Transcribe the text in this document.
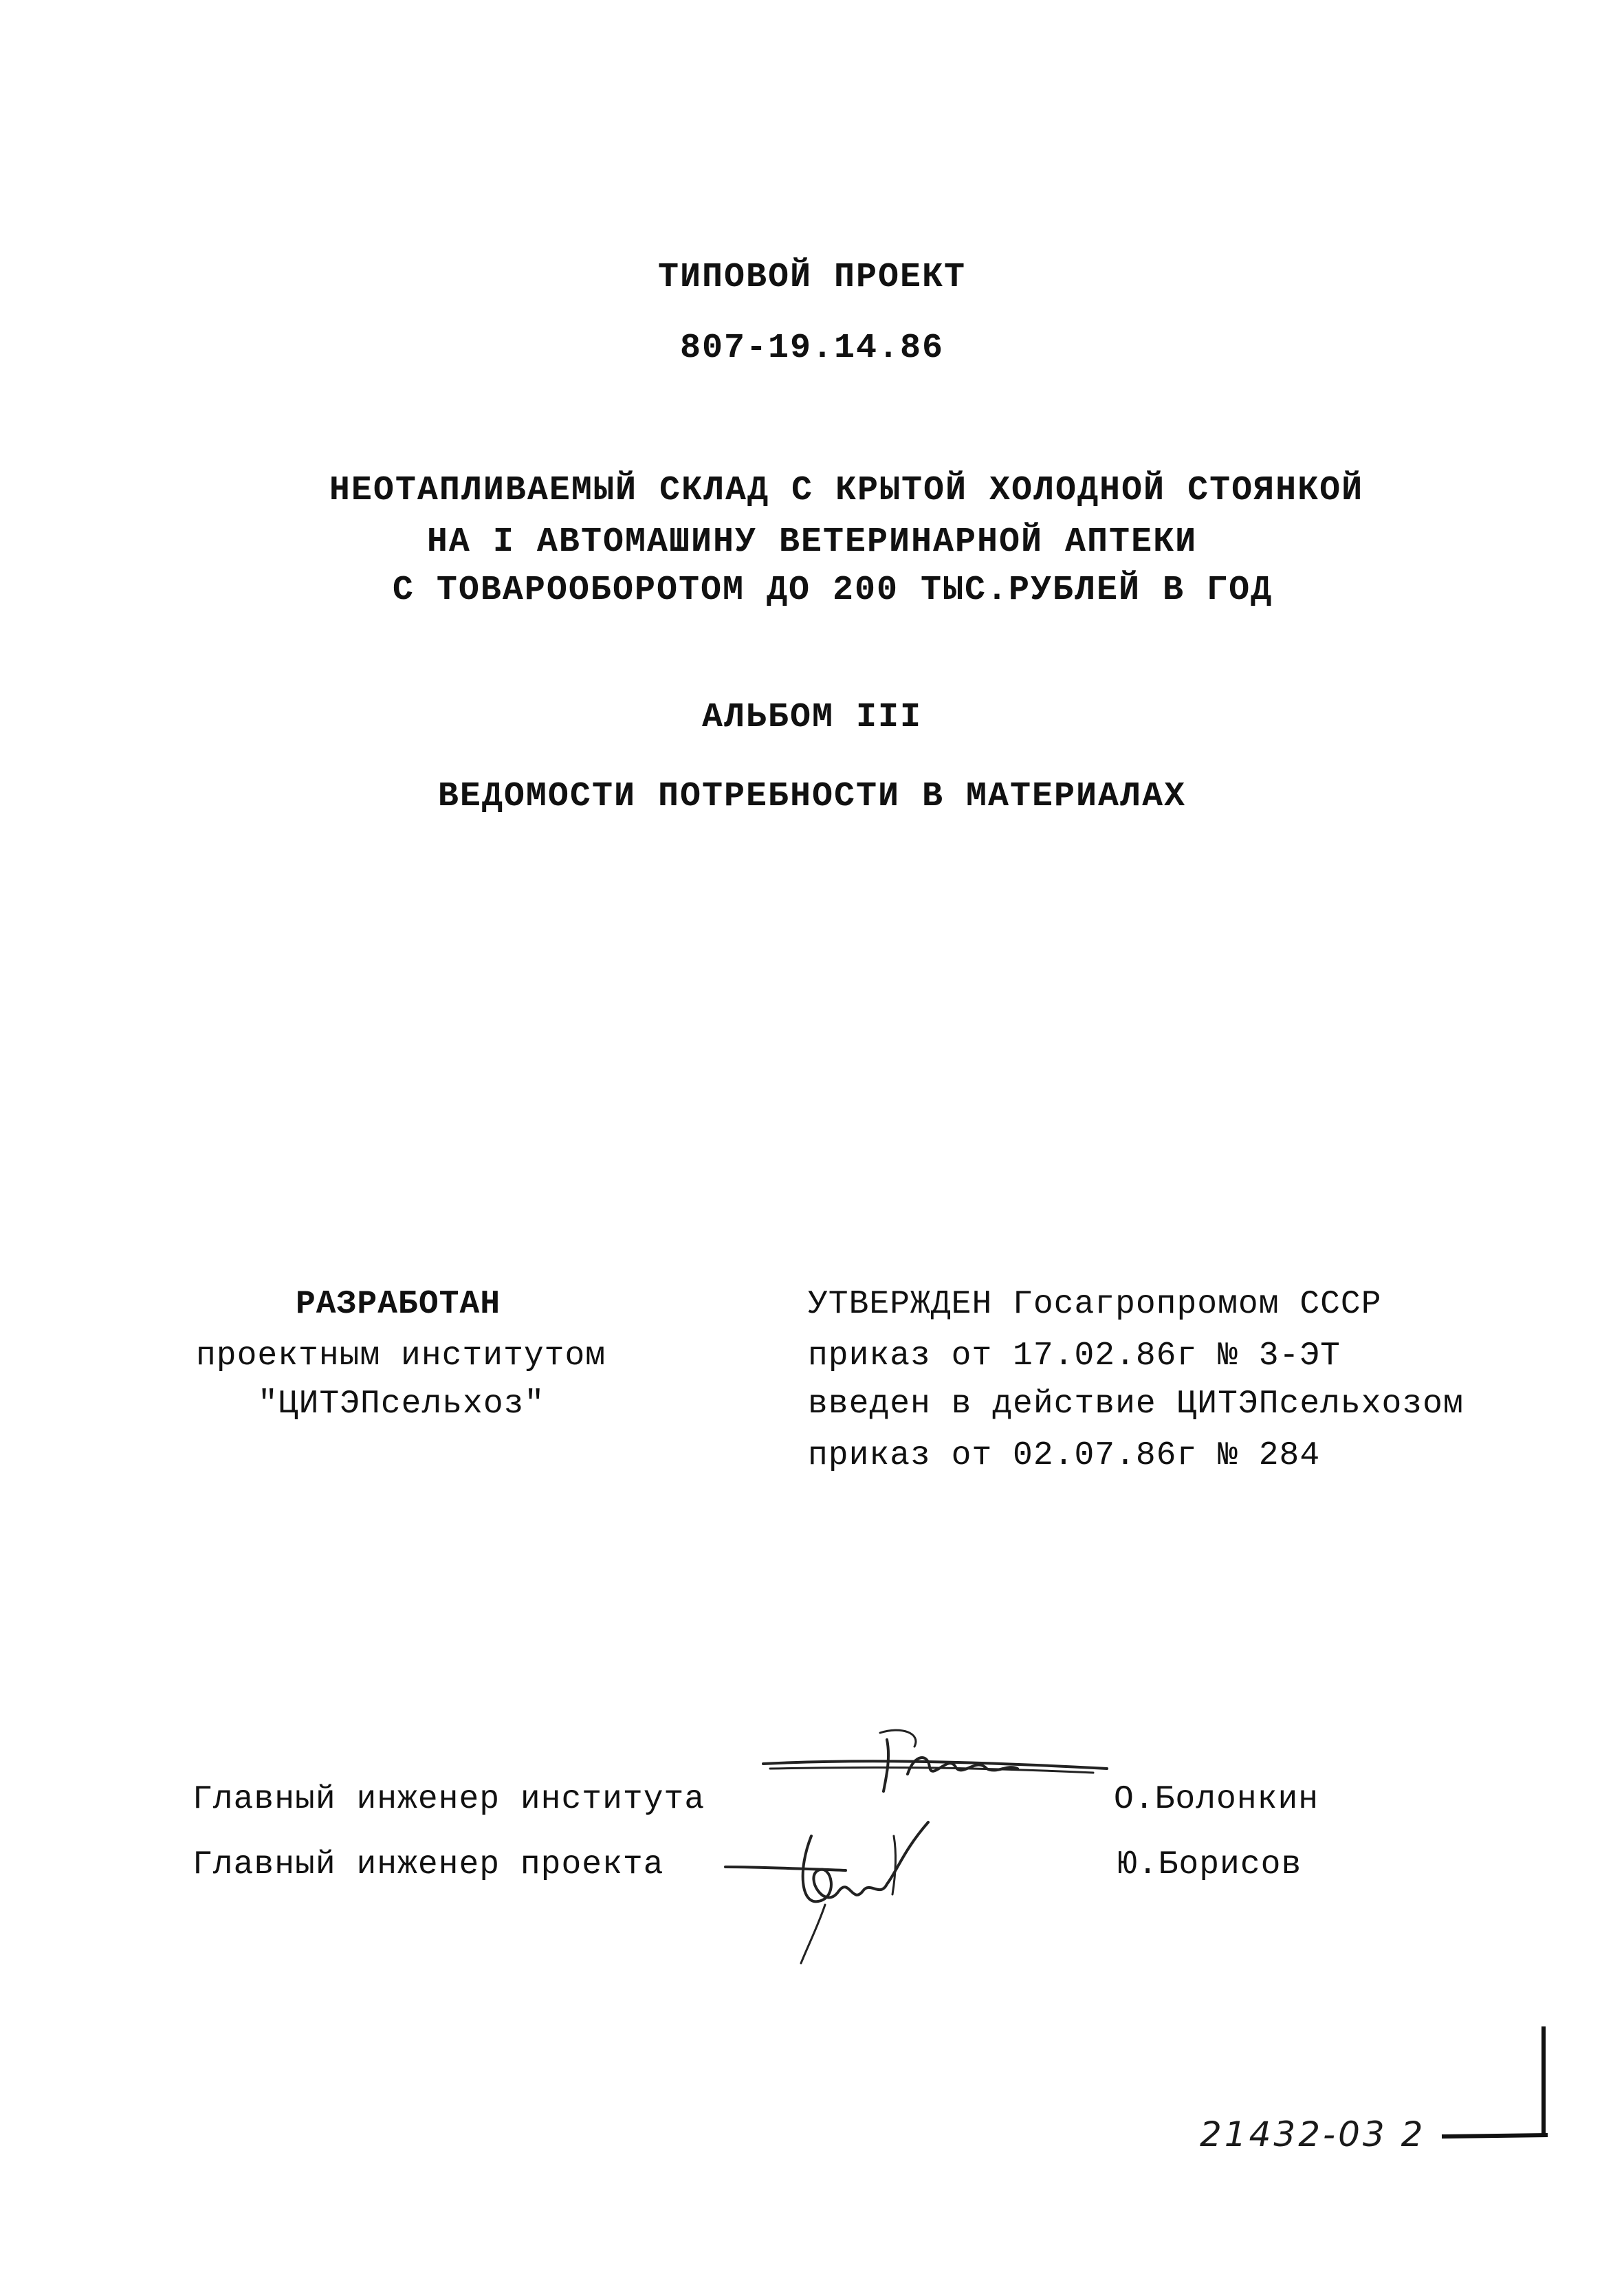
ТИПОВОЙ ПРОЕКТ
807-19.14.86
НЕОТАПЛИВАЕМЫЙ СКЛАД С КРЫТОЙ ХОЛОДНОЙ СТОЯНКОЙ
НА I АВТОМАШИНУ ВЕТЕРИНАРНОЙ АПТЕКИ
С ТОВАРООБОРОТОМ ДО 200 ТЫС.РУБЛЕЙ В ГОД
АЛЬБОМ III
ВЕДОМОСТИ ПОТРЕБНОСТИ В МАТЕРИАЛАХ
РАЗРАБОТАН
проектным институтом
"ЦИТЭПсельхоз"
УТВЕРЖДЕН Госагропромом СССР
приказ от 17.02.86г № 3-ЭТ
введен в действие ЦИТЭПсельхозом
приказ от 02.07.86г № 284
Главный инженер института	О.Болонкин
Главный инженер проекта	Ю.Борисов
21432-03 2
